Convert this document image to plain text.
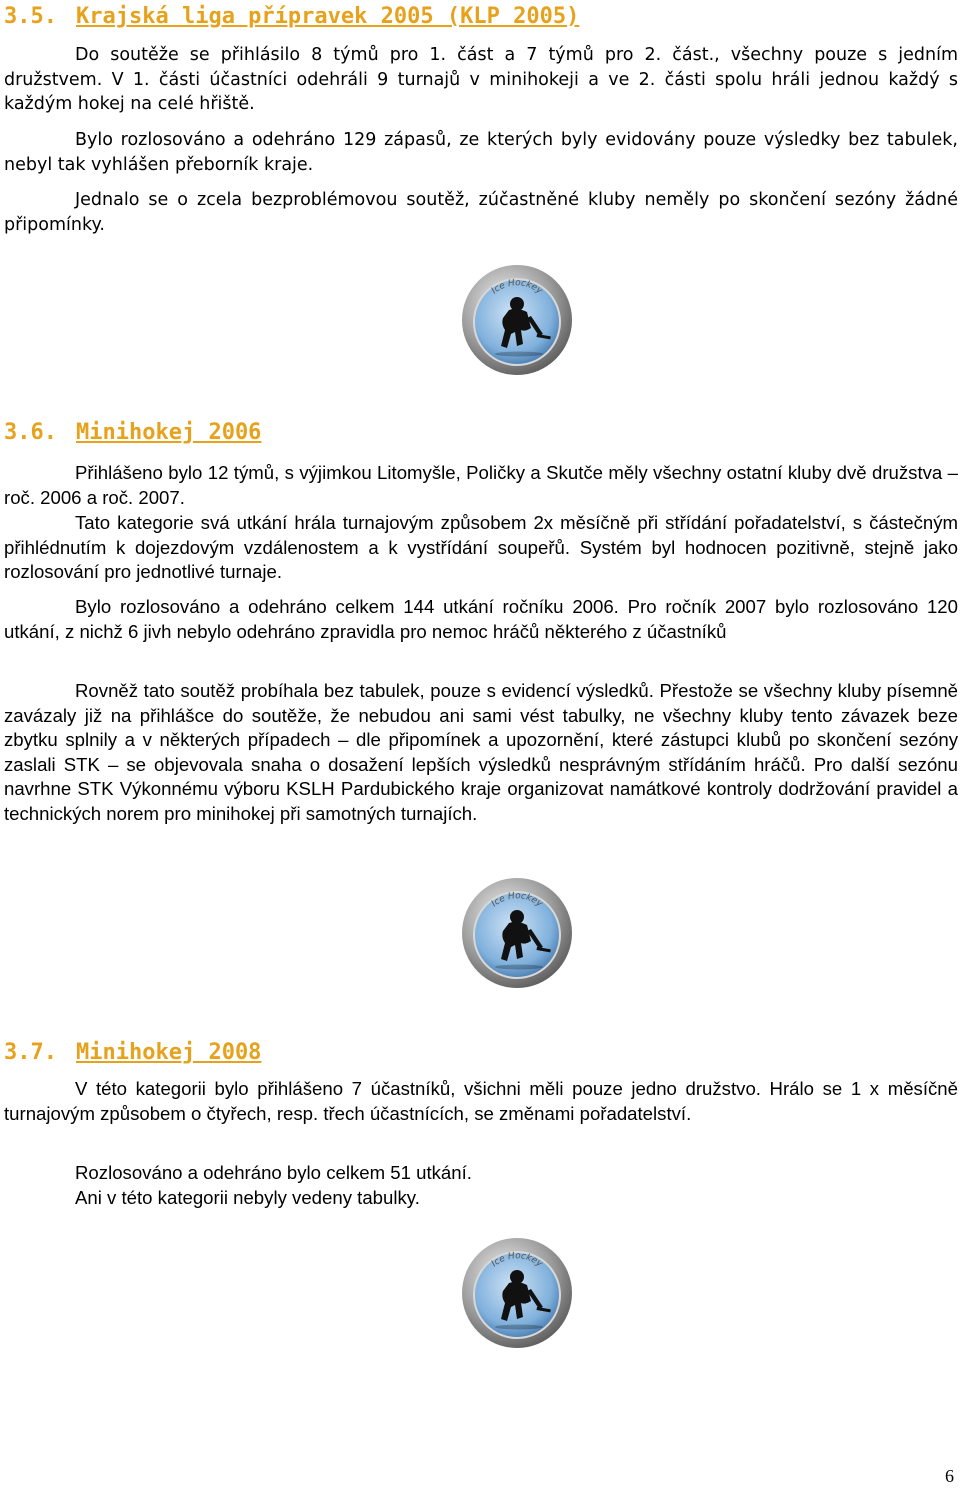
3.5. Krajská liga přípravek 2005 (KLP 2005)

Do soutěže se přihlásilo 8 týmů pro 1. část a 7 týmů pro 2. část., všechny pouze s jedním družstvem. V 1. části účastníci odehráli 9 turnajů v minihokeji a ve 2. části spolu hráli jednou každý s každým hokej na celé hřiště.

Bylo rozlosováno a odehráno 129 zápasů, ze kterých byly evidovány pouze výsledky bez tabulek, nebyl tak vyhlášen přeborník kraje.

Jednalo se o zcela bezproblémovou soutěž, zúčastněné kluby neměly po skončení sezóny žádné připomínky.

Ice Hockey
3.6. Minihokej 2006

Přihlášeno bylo 12 týmů, s výjimkou Litomyšle, Poličky a Skutče měly všechny ostatní kluby dvě družstva – roč. 2006 a roč. 2007.

Tato kategorie svá utkání hrála turnajovým způsobem 2x měsíčně při střídání pořadatelství, s částečným přihlédnutím k dojezdovým vzdálenostem a k vystřídání soupeřů. Systém byl hodnocen pozitivně, stejně jako rozlosování pro jednotlivé turnaje.

Bylo rozlosováno a odehráno celkem 144 utkání ročníku 2006. Pro ročník 2007 bylo rozlosováno 120 utkání, z nichž 6 jivh nebylo odehráno zpravidla pro nemoc hráčů některého z účastníků

Rovněž tato soutěž probíhala bez tabulek, pouze s evidencí výsledků. Přestože se všechny kluby písemně zavázaly již na přihlášce do soutěže, že nebudou ani sami vést tabulky, ne všechny kluby tento závazek beze zbytku splnily a v některých případech – dle připomínek a upozornění, které zástupci klubů po skončení sezóny zaslali STK – se objevovala snaha o dosažení lepších výsledků nesprávným střídáním hráčů. Pro další sezónu navrhne STK Výkonnému výboru KSLH Pardubického kraje organizovat namátkové kontroly dodržování pravidel a technických norem pro minihokej při samotných turnajích.

Ice Hockey
3.7. Minihokej 2008

V této kategorii bylo přihlášeno 7 účastníků, všichni měli pouze jedno družstvo. Hrálo se 1 x měsíčně turnajovým způsobem o čtyřech, resp. třech účastnících, se změnami pořadatelství.

Rozlosováno a odehráno bylo celkem 51 utkání.

Ani v této kategorii nebyly vedeny tabulky.

Ice Hockey
6
